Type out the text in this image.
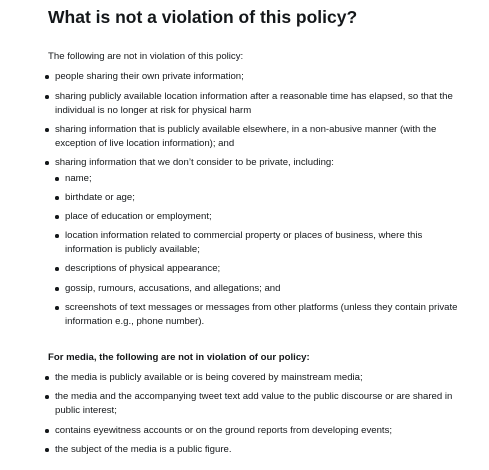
What is not a violation of this policy?

The following are not in violation of this policy:

people sharing their own private information;
sharing publicly available location information after a reasonable time has elapsed, so that the individual is no longer at risk for physical harm
sharing information that is publicly available elsewhere, in a non-abusive manner (with the exception of live location information); and
sharing information that we don’t consider to be private, including:
name;
birthdate or age;
place of education or employment;
location information related to commercial property or places of business, where this information is publicly available;
descriptions of physical appearance;
gossip, rumours, accusations, and allegations; and
screenshots of text messages or messages from other platforms (unless they contain private information e.g., phone number).

For media, the following are not in violation of our policy:

the media is publicly available or is being covered by mainstream media;
the media and the accompanying tweet text add value to the public discourse or are shared in public interest;
contains eyewitness accounts or on the ground reports from developing events;
the subject of the media is a public figure.
